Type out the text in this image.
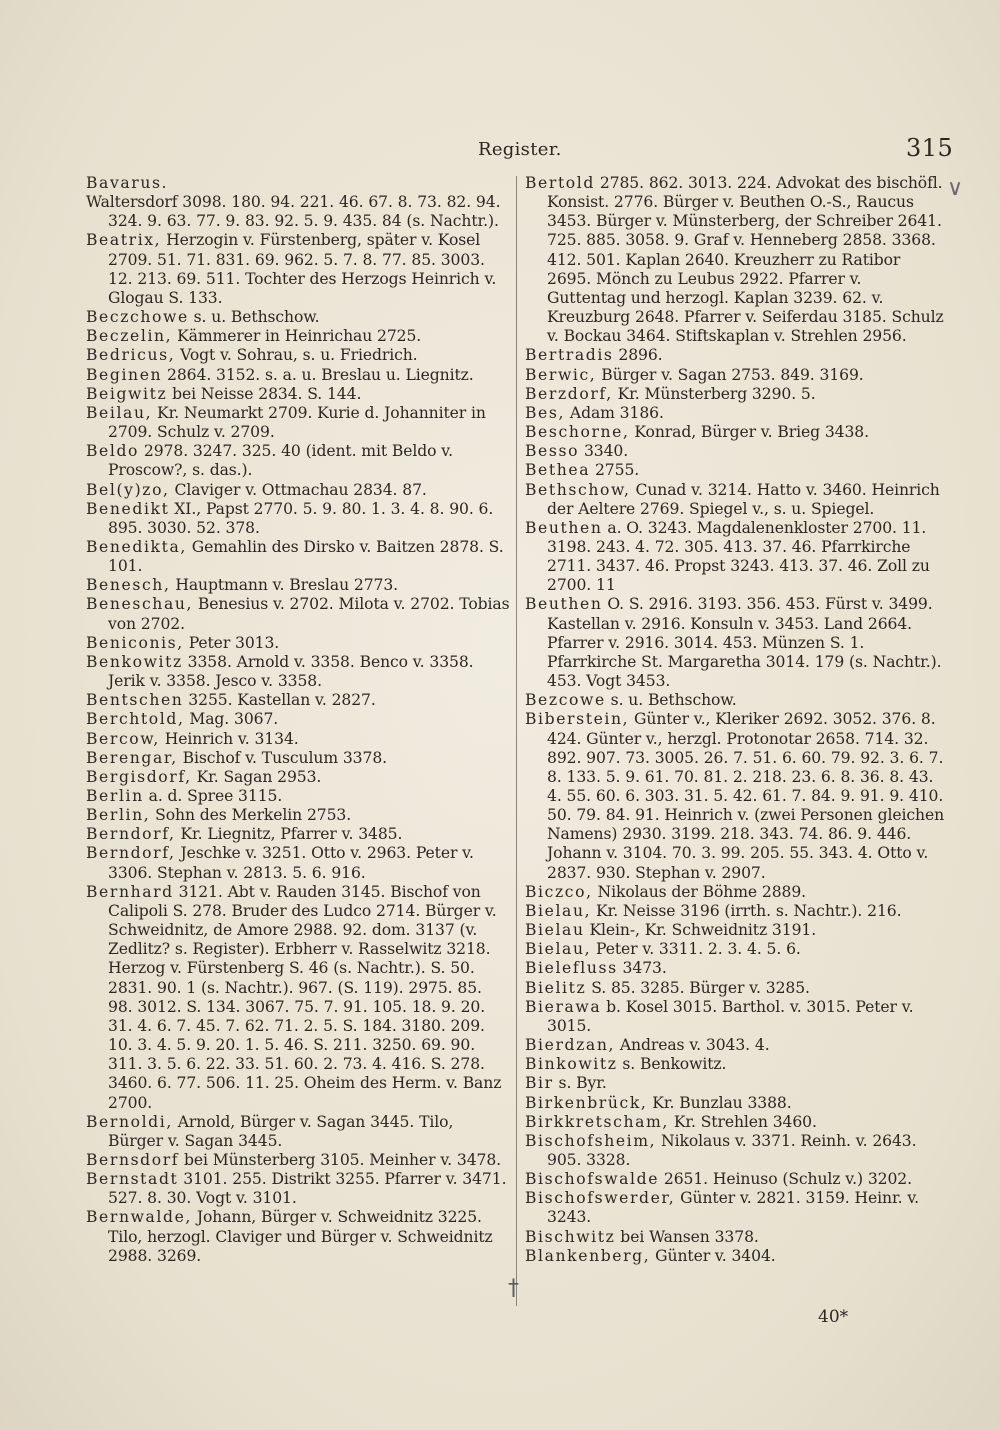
Register.	315

Bavarus.

Waltersdorf 3098. 180. 94. 221. 46. 67. 8. 73. 82. 94. 324. 9. 63. 77. 9. 83. 92. 5. 9. 435. 84 (s. Nachtr.).

Beatrix, Herzogin v. Fürstenberg, später v. Kosel 2709. 51. 71. 831. 69. 962. 5. 7. 8. 77. 85. 3003. 12. 213. 69. 511. Tochter des Herzogs Heinrich v. Glogau S. 133.

Beczchowe s. u. Bethschow.

Beczelin, Kämmerer in Heinrichau 2725.

Bedricus, Vogt v. Sohrau, s. u. Friedrich.

Beginen 2864. 3152. s. a. u. Breslau u. Liegnitz.

Beigwitz bei Neisse 2834. S. 144.

Beilau, Kr. Neumarkt 2709. Kurie d. Johanniter in 2709. Schulz v. 2709.

Beldo 2978. 3247. 325. 40 (ident. mit Beldo v. Proscow?, s. das.).

Bel(y)zo, Claviger v. Ottmachau 2834. 87.

Benedikt XI., Papst 2770. 5. 9. 80. 1. 3. 4. 8. 90. 6. 895. 3030. 52. 378.

Benedikta, Gemahlin des Dirsko v. Baitzen 2878. S. 101.

Benesch, Hauptmann v. Breslau 2773.

Beneschau, Benesius v. 2702. Milota v. 2702. Tobias von 2702.

Beniconis, Peter 3013.

Benkowitz 3358. Arnold v. 3358. Benco v. 3358. Jerik v. 3358. Jesco v. 3358.

Bentschen 3255. Kastellan v. 2827.

Berchtold, Mag. 3067.

Bercow, Heinrich v. 3134.

Berengar, Bischof v. Tusculum 3378.

Bergisdorf, Kr. Sagan 2953.

Berlin a. d. Spree 3115.

Berlin, Sohn des Merkelin 2753.

Berndorf, Kr. Liegnitz, Pfarrer v. 3485.

Berndorf, Jeschke v. 3251. Otto v. 2963. Peter v. 3306. Stephan v. 2813. 5. 6. 916.

Bernhard 3121. Abt v. Rauden 3145. Bischof von Calipoli S. 278. Bruder des Ludco 2714. Bürger v. Schweidnitz, de Amore 2988. 92. dom. 3137 (v. Zedlitz? s. Register). Erbherr v. Rasselwitz 3218. Herzog v. Fürstenberg S. 46 (s. Nachtr.). S. 50. 2831. 90. 1 (s. Nachtr.). 967. (S. 119). 2975. 85. 98. 3012. S. 134. 3067. 75. 7. 91. 105. 18. 9. 20. 31. 4. 6. 7. 45. 7. 62. 71. 2. 5. S. 184. 3180. 209. 10. 3. 4. 5. 9. 20. 1. 5. 46. S. 211. 3250. 69. 90. 311. 3. 5. 6. 22. 33. 51. 60. 2. 73. 4. 416. S. 278. 3460. 6. 77. 506. 11. 25. Oheim des Herm. v. Banz 2700.

Bernoldi, Arnold, Bürger v. Sagan 3445. Tilo, Bürger v. Sagan 3445.

Bernsdorf bei Münsterberg 3105. Meinher v. 3478.

Bernstadt 3101. 255. Distrikt 3255. Pfarrer v. 3471. 527. 8. 30. Vogt v. 3101.

Bernwalde, Johann, Bürger v. Schweidnitz 3225. Tilo, herzogl. Claviger und Bürger v. Schweidnitz 2988. 3269.

Bertold 2785. 862. 3013. 224. Advokat des bischöfl. Konsist. 2776. Bürger v. Beuthen O.-S., Raucus 3453. Bürger v. Münsterberg, der Schreiber 2641. 725. 885. 3058. 9. Graf v. Henneberg 2858. 3368. 412. 501. Kaplan 2640. Kreuzherr zu Ratibor 2695. Mönch zu Leubus 2922. Pfarrer v. Guttentag und herzogl. Kaplan 3239. 62. v. Kreuzburg 2648. Pfarrer v. Seiferdau 3185. Schulz v. Bockau 3464. Stiftskaplan v. Strehlen 2956.

Bertradis 2896.

Berwic, Bürger v. Sagan 2753. 849. 3169.

Berzdorf, Kr. Münsterberg 3290. 5.

Bes, Adam 3186.

Beschorne, Konrad, Bürger v. Brieg 3438.

Besso 3340.

Bethea 2755.

Bethschow, Cunad v. 3214. Hatto v. 3460. Heinrich der Aeltere 2769. Spiegel v., s. u. Spiegel.

Beuthen a. O. 3243. Magdalenenkloster 2700. 11. 3198. 243. 4. 72. 305. 413. 37. 46. Pfarrkirche 2711. 3437. 46. Propst 3243. 413. 37. 46. Zoll zu 2700. 11

Beuthen O. S. 2916. 3193. 356. 453. Fürst v. 3499. Kastellan v. 2916. Konsuln v. 3453. Land 2664. Pfarrer v. 2916. 3014. 453. Münzen S. 1. Pfarrkirche St. Margaretha 3014. 179 (s. Nachtr.). 453. Vogt 3453.

Bezcowe s. u. Bethschow.

Biberstein, Günter v., Kleriker 2692. 3052. 376. 8. 424. Günter v., herzgl. Protonotar 2658. 714. 32. 892. 907. 73. 3005. 26. 7. 51. 6. 60. 79. 92. 3. 6. 7. 8. 133. 5. 9. 61. 70. 81. 2. 218. 23. 6. 8. 36. 8. 43. 4. 55. 60. 6. 303. 31. 5. 42. 61. 7. 84. 9. 91. 9. 410. 50. 79. 84. 91. Heinrich v. (zwei Personen gleichen Namens) 2930. 3199. 218. 343. 74. 86. 9. 446. Johann v. 3104. 70. 3. 99. 205. 55. 343. 4. Otto v. 2837. 930. Stephan v. 2907.

Biczco, Nikolaus der Böhme 2889.

Bielau, Kr. Neisse 3196 (irrth. s. Nachtr.). 216.

Bielau Klein-, Kr. Schweidnitz 3191.

Bielau, Peter v. 3311. 2. 3. 4. 5. 6.

Bielefluss 3473.

Bielitz S. 85. 3285. Bürger v. 3285.

Bierawa b. Kosel 3015. Barthol. v. 3015. Peter v. 3015.

Bierdzan, Andreas v. 3043. 4.

Binkowitz s. Benkowitz.

Bir s. Byr.

Birkenbrück, Kr. Bunzlau 3388.

Birkkretscham, Kr. Strehlen 3460.

Bischofsheim, Nikolaus v. 3371. Reinh. v. 2643. 905. 3328.

Bischofswalde 2651. Heinuso (Schulz v.) 3202.

Bischofswerder, Günter v. 2821. 3159. Heinr. v. 3243.

Bischwitz bei Wansen 3378.

Blankenberg, Günter v. 3404.

∨
†
40*
